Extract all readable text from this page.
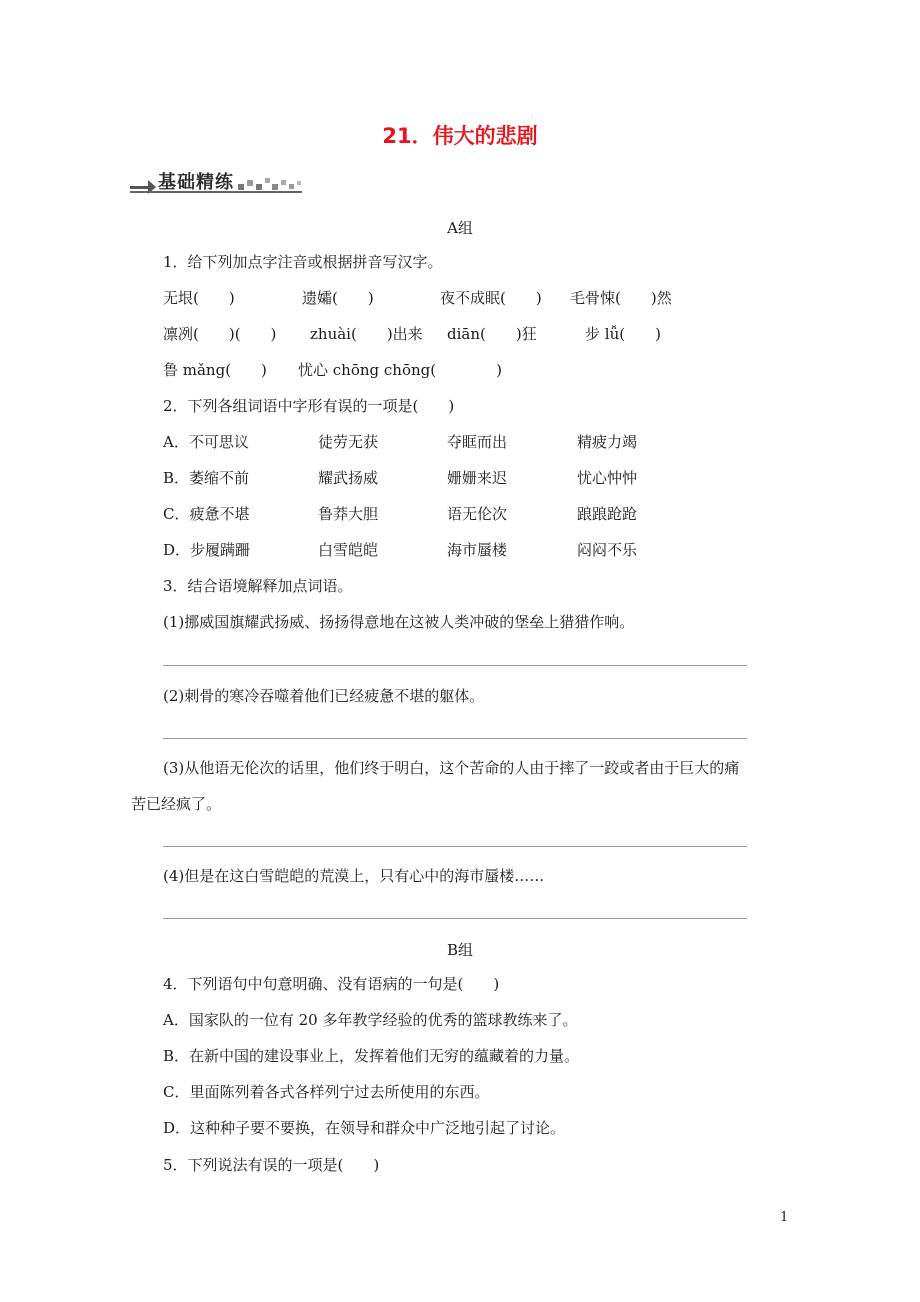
21．伟大的悲剧
基础精练
A组
1．给下列加点字注音或根据拼音写汉字。
无垠(　　)	遗孀(　　)	夜不成眠(　　) 毛骨悚(　　)然
凛冽(　　)(　　) zhuài(　　)出来 diān(　　)狂	步 lǚ(　　)
鲁 mǎng(　　) 忧心 chōng chōng(　　　　)
2．下列各组词语中字形有误的一项是(　　)
A．不可思议	徒劳无获	夺眶而出	精疲力竭
B．萎缩不前	耀武扬威	姗姗来迟	忧心忡忡
C．疲惫不堪	鲁莽大胆	语无伦次	踉踉跄跄
D．步履蹒跚	白雪皑皑	海市蜃楼	闷闷不乐
3．结合语境解释加点词语。
(1)挪威国旗耀武扬威、扬扬得意地在这被人类冲破的堡垒上猎猎作响。
(2)刺骨的寒冷吞噬着他们已经疲惫不堪的躯体。
(3)从他语无伦次的话里，他们终于明白，这个苦命的人由于摔了一跤或者由于巨大的痛
苦已经疯了。
(4)但是在这白雪皑皑的荒漠上，只有心中的海市蜃楼……
B组
4．下列语句中句意明确、没有语病的一句是(　　)
A．国家队的一位有 20 多年教学经验的优秀的篮球教练来了。
B．在新中国的建设事业上，发挥着他们无穷的蕴藏着的力量。
C．里面陈列着各式各样列宁过去所使用的东西。
D．这种种子要不要换，在领导和群众中广泛地引起了讨论。
5．下列说法有误的一项是(　　)
1
